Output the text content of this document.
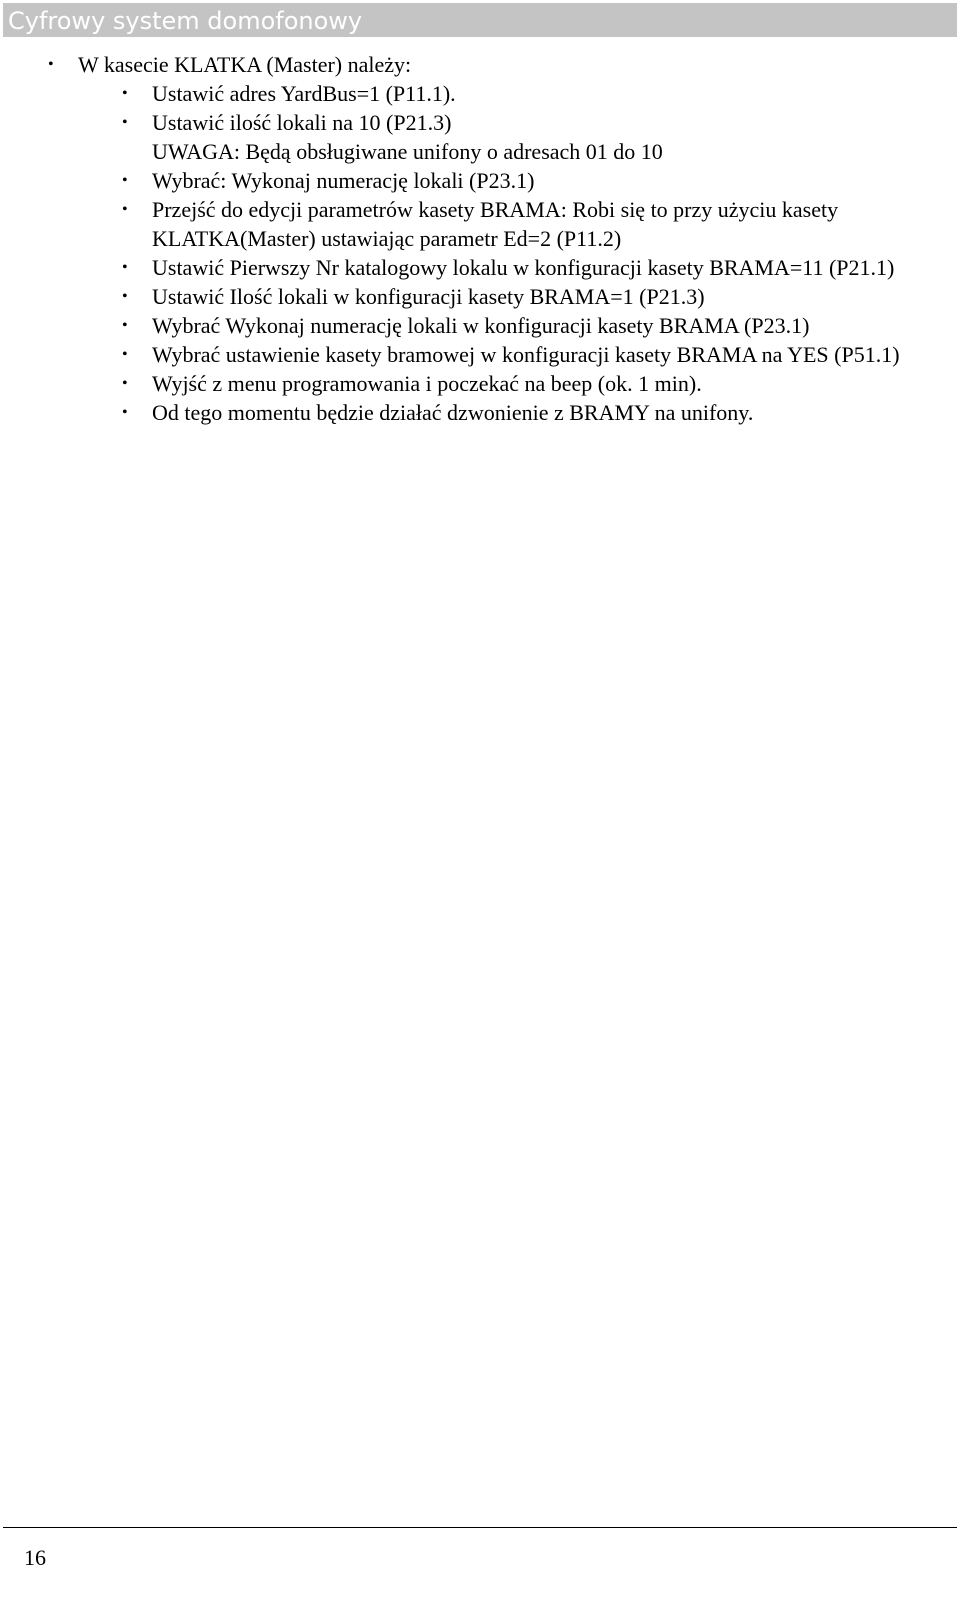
Cyfrowy system domofonowy
• W kasecie KLATKA (Master) należy:
• Ustawić adres YardBus=1 (P11.1).
• Ustawić ilość lokali na 10 (P21.3)
UWAGA: Będą obsługiwane unifony o adresach 01 do 10
• Wybrać: Wykonaj numerację lokali (P23.1)
• Przejść do edycji parametrów kasety BRAMA: Robi się to przy użyciu kasety KLATKA(Master) ustawiając parametr Ed=2 (P11.2)
• Ustawić Pierwszy Nr katalogowy lokalu w konfiguracji kasety BRAMA=11 (P21.1)
• Ustawić Ilość lokali w konfiguracji kasety BRAMA=1 (P21.3)
• Wybrać Wykonaj numerację lokali w konfiguracji kasety BRAMA (P23.1)
• Wybrać ustawienie kasety bramowej w konfiguracji kasety BRAMA na YES (P51.1)
• Wyjść z menu programowania i poczekać na beep (ok. 1 min).
• Od tego momentu będzie działać dzwonienie z BRAMY na unifony.
16
